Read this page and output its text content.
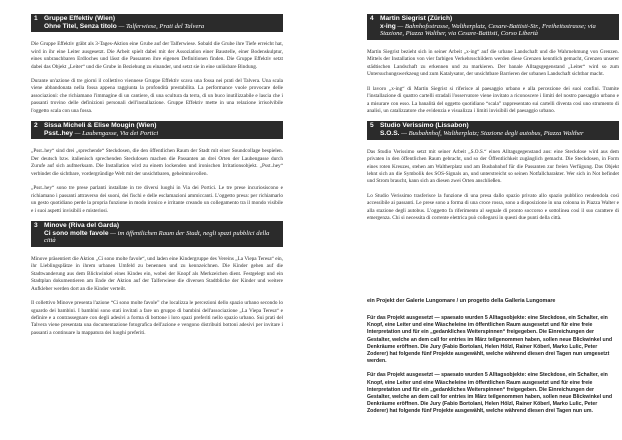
1 Gruppe Effektiv (Wien)
Ohne Titel, Senza titolo — Talferwiese, Prati del Talvera

Die Gruppe Effektiv gräbt als 3-Tages-Aktion eine Grube auf der Talferwiese. Sobald die Grube ihre Tiefe erreicht hat, wird in ihr eine Leiter ausgesetzt. Die Arbeit spielt dabei mit der Assoziation einer Baustelle, einer Bodenskulptur, eines unbrauchbaren Erdloches und lässt die Passanten ihre eigenen Definitionen finden. Die Gruppe Effektiv setzt dabei das Objekt „Leiter“ und die Grube in Beziehung zu einander, und setzt sie in eine unlösbare Bindung.

Durante un'azione di tre giorni il collettivo viennese Gruppe Effektiv scava una fossa nei prati del Talvera. Una scala viene abbandonata nella fossa appena raggiunta la profondità prestabilita. La performance vuole provocare delle associazioni: che richiamano l'immagine di un cantiere, di una scultura da terra, di un buco inutilizzabile e lascia che i passanti trovino delle definizioni personali dell'installazione. Gruppe Effektiv mette in una relazione irrisolvibile l'oggetto scala con una fossa.

2 Sissa Micheli & Elise Mougin (Wien)
Psst..hey — Laubengasse, Via dei Portici

„Psst..hey“ sind drei „sprechende“ Steckdosen, die den öffentlichen Raum der Stadt mit einer Soundcollage bespielen. Der deutsch bzw. italienisch sprechenden Steckdosen machen die Passanten an drei Orten der Laubengasse durch Zurufe auf sich aufmerksam. Die Installation wird zu einem lockenden und ironischen Irritationsobjekt. „Psst..hey“ verbindet die sichtbare, vordergründige Welt mit der unsichtbaren, geheimnisvollen.

„Psst..hey“ sono tre prese parlanti installate in tre diversi luoghi in Via dei Portici. Le tre prese incuriosiscono e richiamano i passanti attraverso dei suoni, dei fischi e delle esclamazioni ammiccanti. L'oggetto presa: per richiamarlo un gesto quotidiano perde la propria funzione in modo ironico e irritante creando un collegamento tra il mondo visibile e i suoi aspetti invisibili e misteriosi.

3 Minove (Riva del Garda)
Ci sono molte favole — im öffentlichen Raum der Stadt, negli spazi pubblici della città

Minove präsentiert die Aktion „Ci sono molte favole“, und laden eine Kindergruppe des Vereins „La Viepa Teresa“ ein, ihr Lieblingsplätze in ihrem urbanen Umfeld zu benennen und zu kennzeichnen. Die Kinder gehen auf die Stadtwanderung aus dem Blickwinkel eines Kindes ein, wobei der Knopf als Merkzeichen dient. Festgelegt und ein Stadtplan dokumentieren am Ende der Aktion auf der Talferwiese die diversen Stadtblicke der Kinder und weitere Aufkleber werden dort an die Kinder verteilt.

Il collettivo Minove presenta l'azione “Ci sono molte favole” che localizza le percezioni dello spazio urbano secondo lo sguardo dei bambini. I bambini sono stati invitati a fare un gruppo di bambini dell'associazione „La Viepa Teresa“ e definire e a contrassegnare con degli adesivi a forma di bottone i loro spazi preferiti nello spazio urbano. Sui prati del Talvera viene presentata una documentazione fotografica dell'azione e vengono distribuiti bottoni adesivi per invitare i passanti a continuare la mappatura dei luoghi preferiti.

4 Martin Siegrist (Zürich)
x-ing — Bahnhofsstrasse, Waltherplatz, Cesare-Battisti-Str., Freiheitsstrasse; via Stazione, Piazza Walther, via Cesare-Battisti, Corso Libertà

Martin Siegrist bezieht sich in seiner Arbeit „x-ing“ auf die urbane Landschaft und die Wahrnehmung von Grenzen. Mittels der Installation von vier farbigen Verkehrsschildern werden diese Grenzen kenntlich gemacht, Grenzen unserer städtischen Landschaft zu erkennen und zu markieren. Der banale Alltagsgegenstand „Leiter“ wird so zum Untersuchungswerkzeug und zum Katalysator, der unsichtbare Barrieren der urbanen Landschaft sichtbar macht.

Il lavoro „x-ing“ di Martin Siegrist si riferisce al paesaggio urbano e alla percezione dei suoi confini. Tramite l'installazione di quattro cartelli stradali l'osservatore viene invitato a riconoscere i limiti del nostro paesaggio urbano e a misurare con esso. La banalità del oggetto quotidiano “scala” rappresentato sui cartelli diventa così uno strumento di analisi, un catalizzatore che evidenzia e visualizza i limiti invisibili del paesaggio urbano.

5 Studio Verissimo (Lissabon)
S.O.S. — Busbahnhof, Waltherplatz; Stazione degli autobus, Piazza Walther

Das Studio Verissimo setzt mit seiner Arbeit „S.O.S.“ einen Alltagsgegenstand aus: eine Steckdose wird aus dem privaten in den öffentlichen Raum gebracht, und so der Öffentlichkeit zugänglich gemacht. Die Steckdosen, in Form eines roten Kreuzes, stehen am Waltherplatz und am Busbahnhof für die Passanten zur freien Verfügung. Das Objekt lehnt sich an die Symbolik des SOS-Signals an, und unterstreicht so seinen Notfallcharakter. Wer sich in Not befindet und Strom braucht, kann sich an diesen zwei Orten anschließen.

Lo Studio Verissimo trasferisce la funzione di una presa dallo spazio privato allo spazio pubblico rendendola così accessibile ai passanti. Le prese sono a forma di una croce rossa, sono a disposizione in una colonna in Piazza Walter e alla stazione degli autobus. L'oggetto fa riferimento al segnale di pronto soccorso e sottolinea così il suo carattere di emergenza. Chi si necessita di corrente elettrica può collegarsi in questi due punti della città.

ein Projekt der Galerie Lungomare / un progetto della Galleria Lungomare

Für das Projekt ausgesetzt — spaesato wurden 5 Alltagsobjekte: eine Steckdose, ein Schalter, ein Knopf, eine Leiter und eine Wäscheleine im öffentlichen Raum ausgesetzt und für eine freie Interpretation und für ein „gedankliches Weiterspinnen“ freigegeben. Die Einreichungen der Gestalter, welche an dem call for entries im März teilgenommen haben, sollen neue Blickwinkel und Denkräume eröffnen. Die Jury (Fabio Bortolani, Helen Hölzl, Rainer Köberl, Marko Lulic, Peter Zoderer) hat folgende fünf Projekte ausgewählt, welche während diesen drei Tagen nun umgesetzt werden.

Für das Projekt ausgesetzt — spaesato wurden 5 Alltagsobjekte: eine Steckdose, ein Schalter, ein Knopf, eine Leiter und eine Wäscheleine im öffentlichen Raum ausgesetzt und für eine freie Interpretation und für ein „gedankliches Weiterspinnen“ freigegeben. Die Einreichungen der Gestalter, welche an dem call for entries im März teilgenommen haben, sollen neue Blickwinkel und Denkräume eröffnen. Die Jury (Fabio Bortolani, Helen Hölzl, Rainer Köberl, Marko Lulic, Peter Zoderer) hat folgende fünf Projekte ausgewählt, welche während diesen drei Tagen nun um.
